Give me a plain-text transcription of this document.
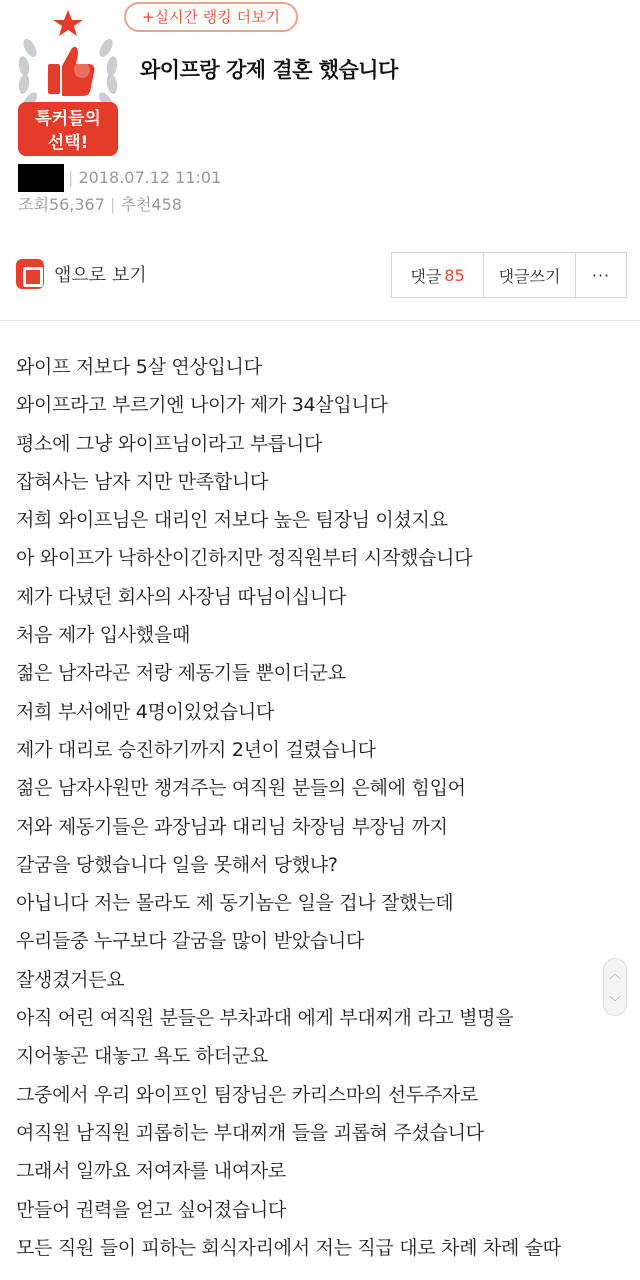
+실시간 랭킹 더보기
톡커들의
선택!
와이프랑 강제 결혼 했습니다
| 2018.07.12 11:01
조회56,367 | 추천458
앱으로 보기	댓글 85	댓글쓰기	···

와이프 저보다 5살 연상입니다

와이프라고 부르기엔 나이가 제가 34살입니다

평소에 그냥 와이프님이라고 부릅니다

잡혀사는 남자 지만 만족합니다

저희 와이프님은 대리인 저보다 높은 팀장님 이셨지요

아 와이프가 낙하산이긴하지만 정직원부터 시작했습니다

제가 다녔던 회사의 사장님 따님이십니다

처음 제가 입사했을때

젊은 남자라곤 저랑 제동기들 뿐이더군요

저희 부서에만 4명이있었습니다

제가 대리로 승진하기까지 2년이 걸렸습니다

젊은 남자사원만 챙겨주는 여직원 분들의 은혜에 힘입어

저와 제동기들은 과장님과 대리님 차장님 부장님 까지

갈굼을 당했습니다 일을 못해서 당했냐?

아닙니다 저는 몰라도 제 동기놈은 일을 겁나 잘했는데

우리들중 누구보다 갈굼을 많이 받았습니다

잘생겼거든요

아직 어린 여직원 분들은 부차과대 에게 부대찌개 라고 별명을

지어놓곤 대놓고 욕도 하더군요

그중에서 우리 와이프인 팀장님은 카리스마의 선두주자로

여직원 남직원 괴롭히는 부대찌개 들을 괴롭혀 주셨습니다

그래서 일까요 저여자를 내여자로

만들어 권력을 얻고 싶어졌습니다

모든 직원 들이 피하는 회식자리에서 저는 직급 대로 차례 차례 술따

︿
﹀
